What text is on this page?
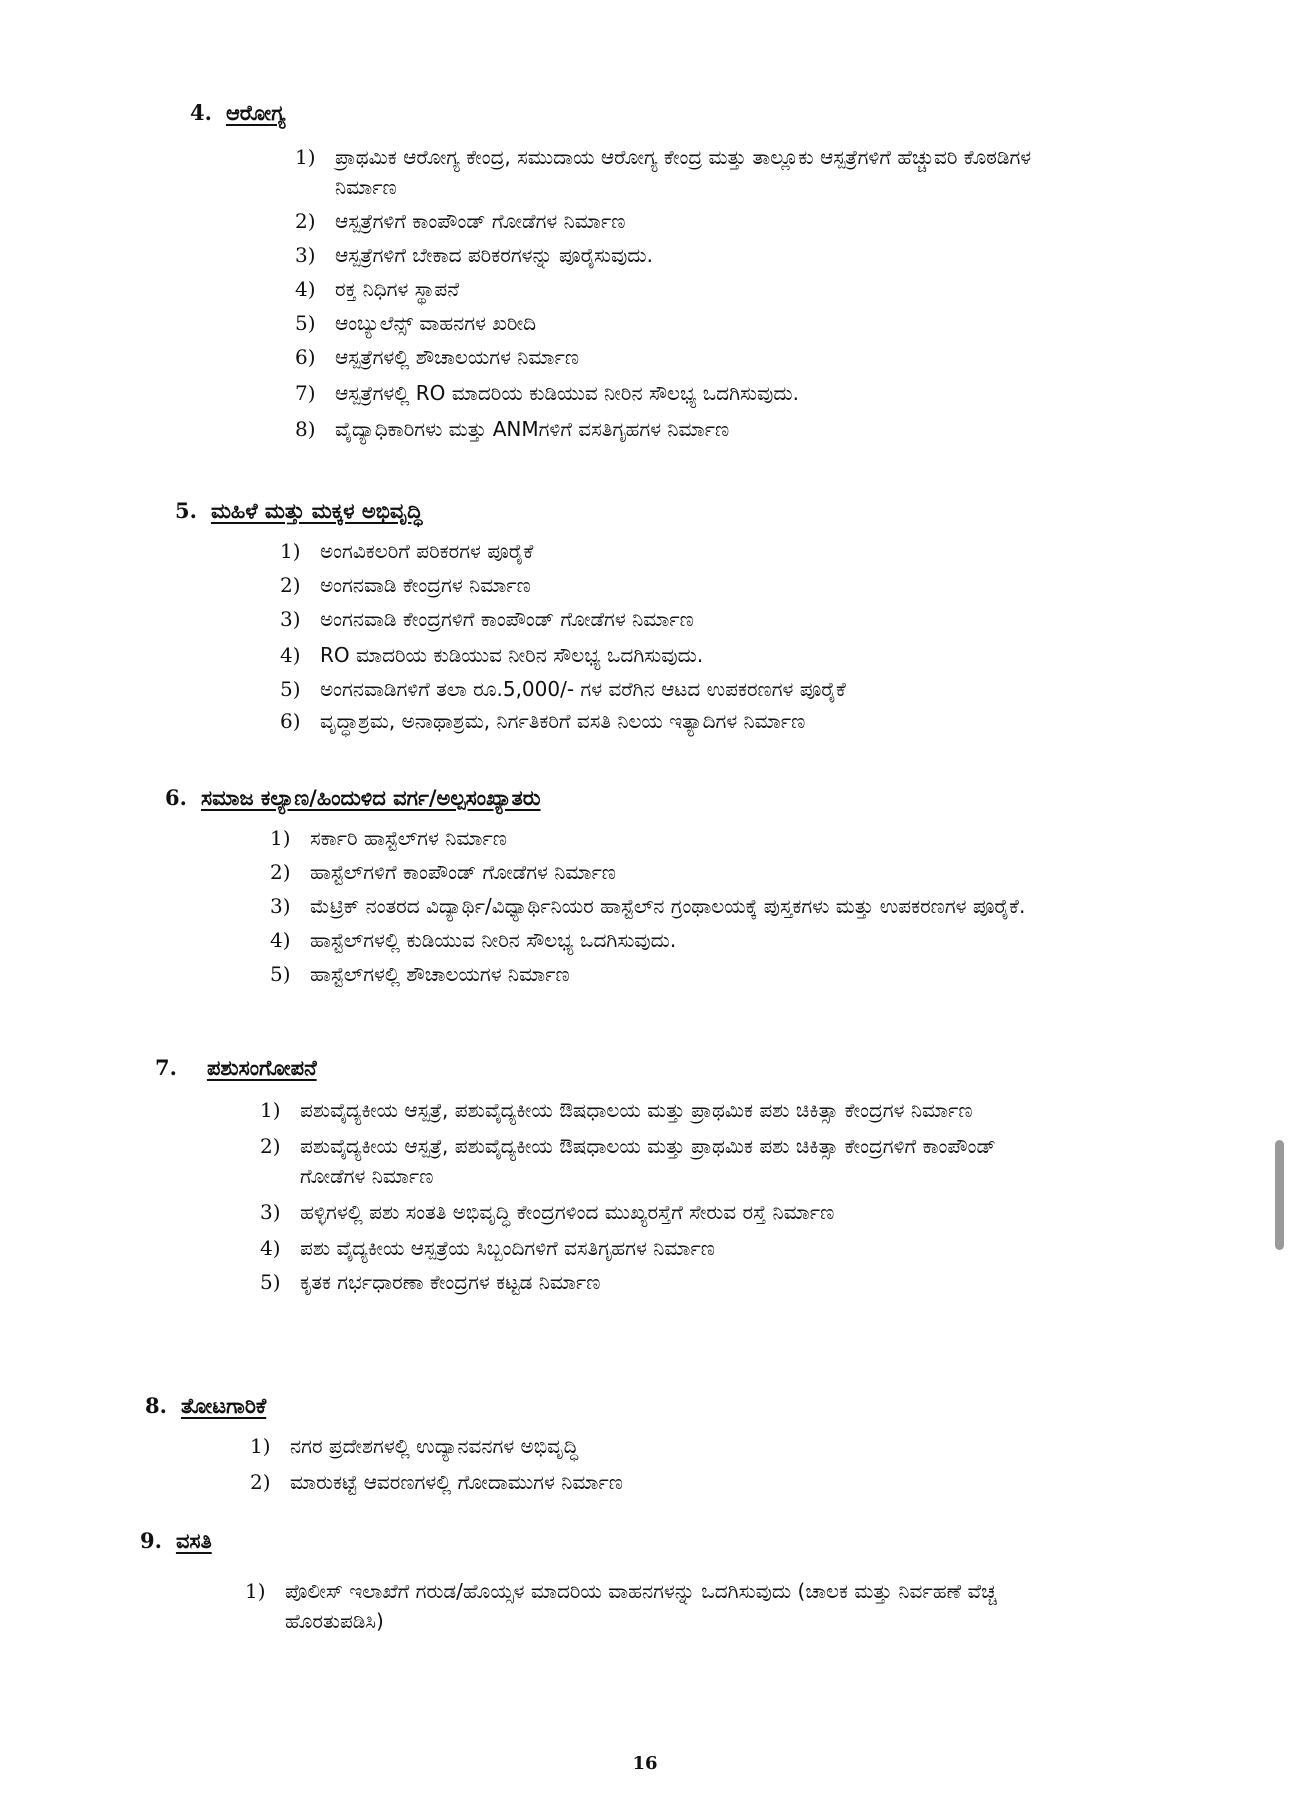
4. ಆರೋಗ್ಯ
1) ಪ್ರಾಥಮಿಕ ಆರೋಗ್ಯ ಕೇಂದ್ರ, ಸಮುದಾಯ ಆರೋಗ್ಯ ಕೇಂದ್ರ ಮತ್ತು ತಾಲ್ಲೂಕು ಆಸ್ಪತ್ರೆಗಳಿಗೆ ಹೆಚ್ಚುವರಿ ಕೊಠಡಿಗಳ ನಿರ್ಮಾಣ
2) ಆಸ್ಪತ್ರೆಗಳಿಗೆ ಕಾಂಪೌಂಡ್ ಗೋಡೆಗಳ ನಿರ್ಮಾಣ
3) ಆಸ್ಪತ್ರೆಗಳಿಗೆ ಬೇಕಾದ ಪರಿಕರಗಳನ್ನು ಪೂರೈಸುವುದು.
4) ರಕ್ತ ನಿಧಿಗಳ ಸ್ಥಾಪನೆ
5) ಆಂಬ್ಯುಲೆನ್ಸ್ ವಾಹನಗಳ ಖರೀದಿ
6) ಆಸ್ಪತ್ರೆಗಳಲ್ಲಿ ಶೌಚಾಲಯಗಳ ನಿರ್ಮಾಣ
7) ಆಸ್ಪತ್ರೆಗಳಲ್ಲಿ RO ಮಾದರಿಯ ಕುಡಿಯುವ ನೀರಿನ ಸೌಲಭ್ಯ ಒದಗಿಸುವುದು.
8) ವೈದ್ಯಾಧಿಕಾರಿಗಳು ಮತ್ತು ANMಗಳಿಗೆ ವಸತಿಗೃಹಗಳ ನಿರ್ಮಾಣ
5. ಮಹಿಳೆ ಮತ್ತು ಮಕ್ಕಳ ಅಭಿವೃದ್ಧಿ
1) ಅಂಗವಿಕಲರಿಗೆ ಪರಿಕರಗಳ ಪೂರೈಕೆ
2) ಅಂಗನವಾಡಿ ಕೇಂದ್ರಗಳ ನಿರ್ಮಾಣ
3) ಅಂಗನವಾಡಿ ಕೇಂದ್ರಗಳಿಗೆ ಕಾಂಪೌಂಡ್ ಗೋಡೆಗಳ ನಿರ್ಮಾಣ
4) RO ಮಾದರಿಯ ಕುಡಿಯುವ ನೀರಿನ ಸೌಲಭ್ಯ ಒದಗಿಸುವುದು.
5) ಅಂಗನವಾಡಿಗಳಿಗೆ ತಲಾ ರೂ.5,000/- ಗಳ ವರೆಗಿನ ಆಟದ ಉಪಕರಣಗಳ ಪೂರೈಕೆ
6) ವೃದ್ಧಾಶ್ರಮ, ಅನಾಥಾಶ್ರಮ, ನಿರ್ಗತಿಕರಿಗೆ ವಸತಿ ನಿಲಯ ಇತ್ಯಾದಿಗಳ ನಿರ್ಮಾಣ
6. ಸಮಾಜ ಕಲ್ಯಾಣ/ಹಿಂದುಳಿದ ವರ್ಗ/ಅಲ್ಪಸಂಖ್ಯಾತರು
1) ಸರ್ಕಾರಿ ಹಾಸ್ಟೆಲ್‌ಗಳ ನಿರ್ಮಾಣ
2) ಹಾಸ್ಟೆಲ್‌ಗಳಿಗೆ ಕಾಂಪೌಂಡ್ ಗೋಡೆಗಳ ನಿರ್ಮಾಣ
3) ಮೆಟ್ರಿಕ್ ನಂತರದ ವಿದ್ಯಾರ್ಥಿ/ವಿಧ್ಯಾರ್ಥಿನಿಯರ ಹಾಸ್ಟೆಲ್‌ನ ಗ್ರಂಥಾಲಯಕ್ಕೆ ಪುಸ್ತಕಗಳು ಮತ್ತು ಉಪಕರಣಗಳ ಪೂರೈಕೆ.
4) ಹಾಸ್ಟೆಲ್‌ಗಳಲ್ಲಿ ಕುಡಿಯುವ ನೀರಿನ ಸೌಲಭ್ಯ ಒದಗಿಸುವುದು.
5) ಹಾಸ್ಟೆಲ್‌ಗಳಲ್ಲಿ ಶೌಚಾಲಯಗಳ ನಿರ್ಮಾಣ
7. ಪಶುಸಂಗೋಪನೆ
1) ಪಶುವೈದ್ಯಕೀಯ ಆಸ್ಪತ್ರೆ, ಪಶುವೈದ್ಯಕೀಯ ಔಷಧಾಲಯ ಮತ್ತು ಪ್ರಾಥಮಿಕ ಪಶು ಚಿಕಿತ್ಸಾ ಕೇಂದ್ರಗಳ ನಿರ್ಮಾಣ
2) ಪಶುವೈದ್ಯಕೀಯ ಆಸ್ಪತ್ರೆ, ಪಶುವೈದ್ಯಕೀಯ ಔಷಧಾಲಯ ಮತ್ತು ಪ್ರಾಥಮಿಕ ಪಶು ಚಿಕಿತ್ಸಾ ಕೇಂದ್ರಗಳಿಗೆ ಕಾಂಪೌಂಡ್ ಗೋಡೆಗಳ ನಿರ್ಮಾಣ
3) ಹಳ್ಳಿಗಳಲ್ಲಿ ಪಶು ಸಂತತಿ ಅಭಿವೃದ್ಧಿ ಕೇಂದ್ರಗಳಿಂದ ಮುಖ್ಯರಸ್ತೆಗೆ ಸೇರುವ ರಸ್ತೆ ನಿರ್ಮಾಣ
4) ಪಶು ವೈದ್ಯಕೀಯ ಆಸ್ಪತ್ರೆಯ ಸಿಬ್ಬಂದಿಗಳಿಗೆ ವಸತಿಗೃಹಗಳ ನಿರ್ಮಾಣ
5) ಕೃತಕ ಗರ್ಭಧಾರಣಾ ಕೇಂದ್ರಗಳ ಕಟ್ಟಡ ನಿರ್ಮಾಣ
8. ತೋಟಗಾರಿಕೆ
1) ನಗರ ಪ್ರದೇಶಗಳಲ್ಲಿ ಉದ್ಯಾನವನಗಳ ಅಭಿವೃದ್ಧಿ
2) ಮಾರುಕಟ್ಟೆ ಆವರಣಗಳಲ್ಲಿ ಗೋದಾಮುಗಳ ನಿರ್ಮಾಣ
9. ವಸತಿ
1) ಪೊಲೀಸ್ ಇಲಾಖೆಗೆ ಗರುಡ/ಹೊಯ್ಸಳ ಮಾದರಿಯ ವಾಹನಗಳನ್ನು ಒದಗಿಸುವುದು (ಚಾಲಕ ಮತ್ತು ನಿರ್ವಹಣೆ ವೆಚ್ಚ ಹೊರತುಪಡಿಸಿ)
16
